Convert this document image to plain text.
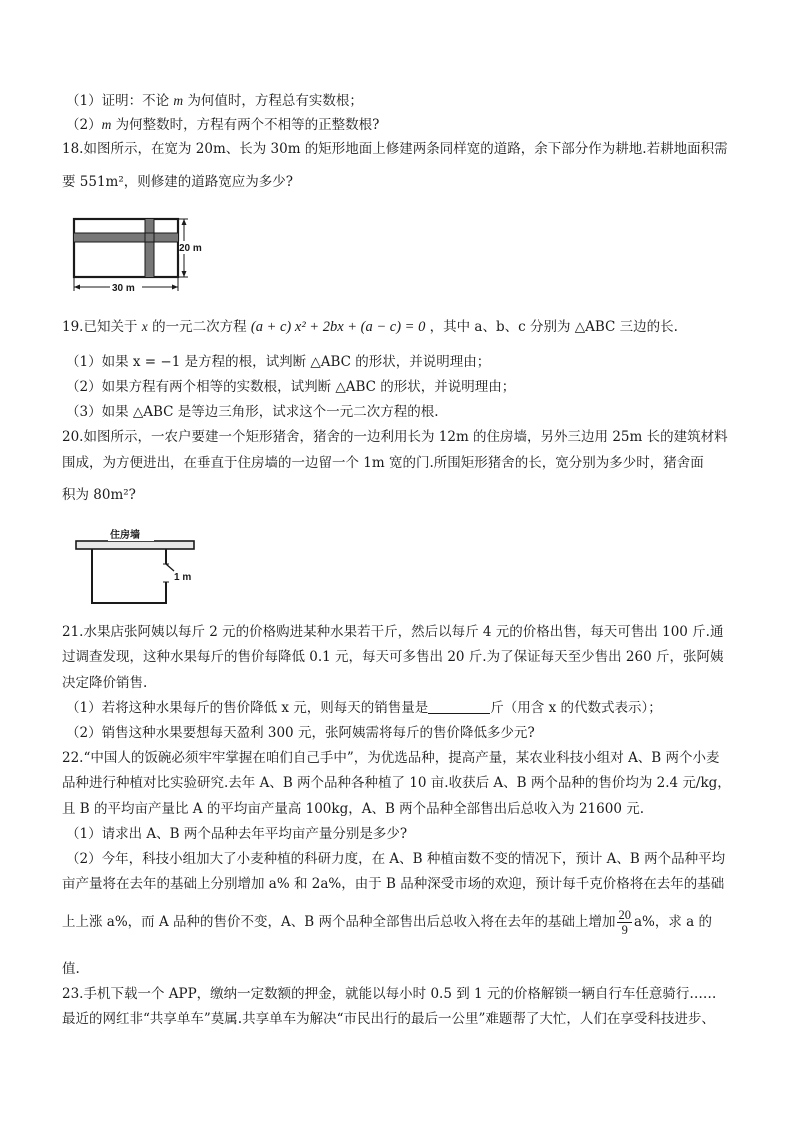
（1）证明：不论 m 为何值时，方程总有实数根；
（2）m 为何整数时，方程有两个不相等的正整数根?
18.如图所示，在宽为 20m、长为 30m 的矩形地面上修建两条同样宽的道路，余下部分作为耕地.若耕地面积需
要 551m²，则修建的道路宽应为多少?
20 m
30 m
19.已知关于 x 的一元二次方程 (a + c) x² + 2bx + (a − c) = 0 ，其中 a、b、c 分别为 △ABC 三边的长.
（1）如果 x = −1 是方程的根，试判断 △ABC 的形状，并说明理由；
（2）如果方程有两个相等的实数根，试判断 △ABC 的形状，并说明理由；
（3）如果 △ABC 是等边三角形，试求这个一元二次方程的根.
20.如图所示，一农户要建一个矩形猪舍，猪舍的一边利用长为 12m 的住房墙，另外三边用 25m 长的建筑材料
围成，为方便进出，在垂直于住房墙的一边留一个 1m 宽的门.所围矩形猪舍的长，宽分别为多少时，猪舍面
积为 80m²?
住房墙
1 m
21.水果店张阿姨以每斤 2 元的价格购进某种水果若干斤，然后以每斤 4 元的价格出售，每天可售出 100 斤.通
过调查发现，这种水果每斤的售价每降低 0.1 元，每天可多售出 20 斤.为了保证每天至少售出 260 斤，张阿姨
决定降价销售.
（1）若将这种水果每斤的售价降低 x 元，则每天的销售量是	斤（用含 x 的代数式表示）；
（2）销售这种水果要想每天盈利 300 元，张阿姨需将每斤的售价降低多少元?
22.“中国人的饭碗必须牢牢掌握在咱们自己手中”，为优选品种，提高产量，某农业科技小组对 A、B 两个小麦
品种进行种植对比实验研究.去年 A、B 两个品种各种植了 10 亩.收获后 A、B 两个品种的售价均为 2.4 元/kg，
且 B 的平均亩产量比 A 的平均亩产量高 100kg，A、B 两个品种全部售出后总收入为 21600 元.
（1）请求出 A、B 两个品种去年平均亩产量分别是多少?
（2）今年，科技小组加大了小麦种植的科研力度，在 A、B 种植亩数不变的情况下，预计 A、B 两个品种平均
亩产量将在去年的基础上分别增加 a% 和 2a%，由于 B 品种深受市场的欢迎，预计每千克价格将在去年的基础
上上涨 a%，而 A 品种的售价不变，A、B 两个品种全部售出后总收入将在去年的基础上增加 $\frac{20}{9} a\%$，求 a 的
值.
23.手机下载一个 APP，缴纳一定数额的押金，就能以每小时 0.5 到 1 元的价格解锁一辆自行车任意骑行……
最近的网红非“共享单车”莫属.共享单车为解决“市民出行的最后一公里”难题帮了大忙，人们在享受科技进步、
